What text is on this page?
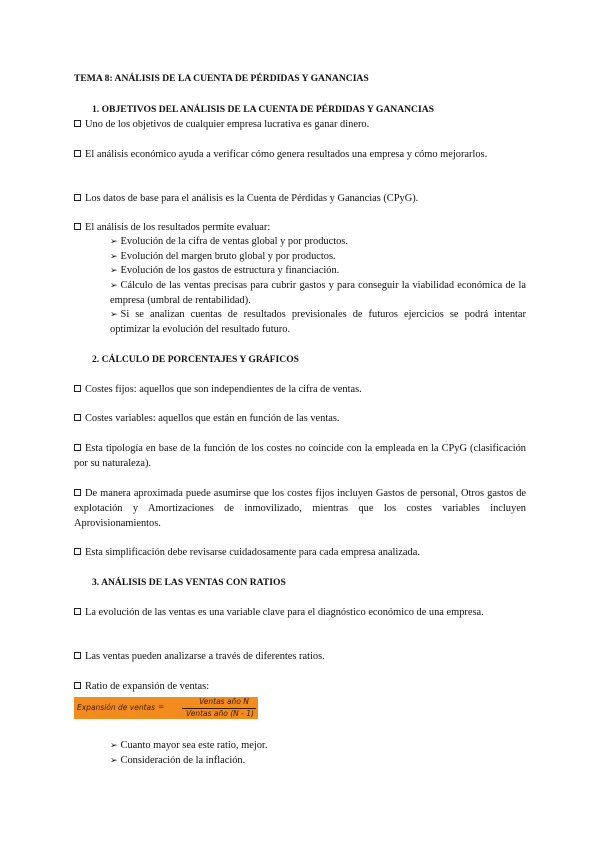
TEMA 8: ANÁLISIS DE LA CUENTA DE PÉRDIDAS Y GANANCIAS
1. OBJETIVOS DEL ANÁLISIS DE LA CUENTA DE PÉRDIDAS Y GANANCIAS
Uno de los objetivos de cualquier empresa lucrativa es ganar dinero.
El análisis económico ayuda a verificar cómo genera resultados una empresa y cómo mejorarlos.
Los datos de base para el análisis es la Cuenta de Pérdidas y Ganancias (CPyG).
El análisis de los resultados permite evaluar:
➢ Evolución de la cifra de ventas global y por productos.
➢ Evolución del margen bruto global y por productos.
➢ Evolución de los gastos de estructura y financiación.
➢ Cálculo de las ventas precisas para cubrir gastos y para conseguir la viabilidad económica de la empresa (umbral de rentabilidad).
➢ Si se analizan cuentas de resultados previsionales de futuros ejercicios se podrá intentar optimizar la evolución del resultado futuro.
2. CÁLCULO DE PORCENTAJES Y GRÁFICOS
Costes fijos: aquellos que son independientes de la cifra de ventas.
Costes variables: aquellos que están en función de las ventas.
Esta tipología en base de la función de los costes no coincide con la empleada en la CPyG (clasificación por su naturaleza).
De manera aproximada puede asumirse que los costes fijos incluyen Gastos de personal, Otros gastos de explotación y Amortizaciones de inmovilizado, mientras que los costes variables incluyen Aprovisionamientos.
Esta simplificación debe revisarse cuidadosamente para cada empresa analizada.
3. ANÁLISIS DE LAS VENTAS CON RATIOS
La evolución de las ventas es una variable clave para el diagnóstico económico de una empresa.
Las ventas pueden analizarse a través de diferentes ratios.
Ratio de expansión de ventas:
Expansión de ventas =
Ventas año N
Ventas año (N - 1)
➢ Cuanto mayor sea este ratio, mejor.
➢ Consideración de la inflación.
